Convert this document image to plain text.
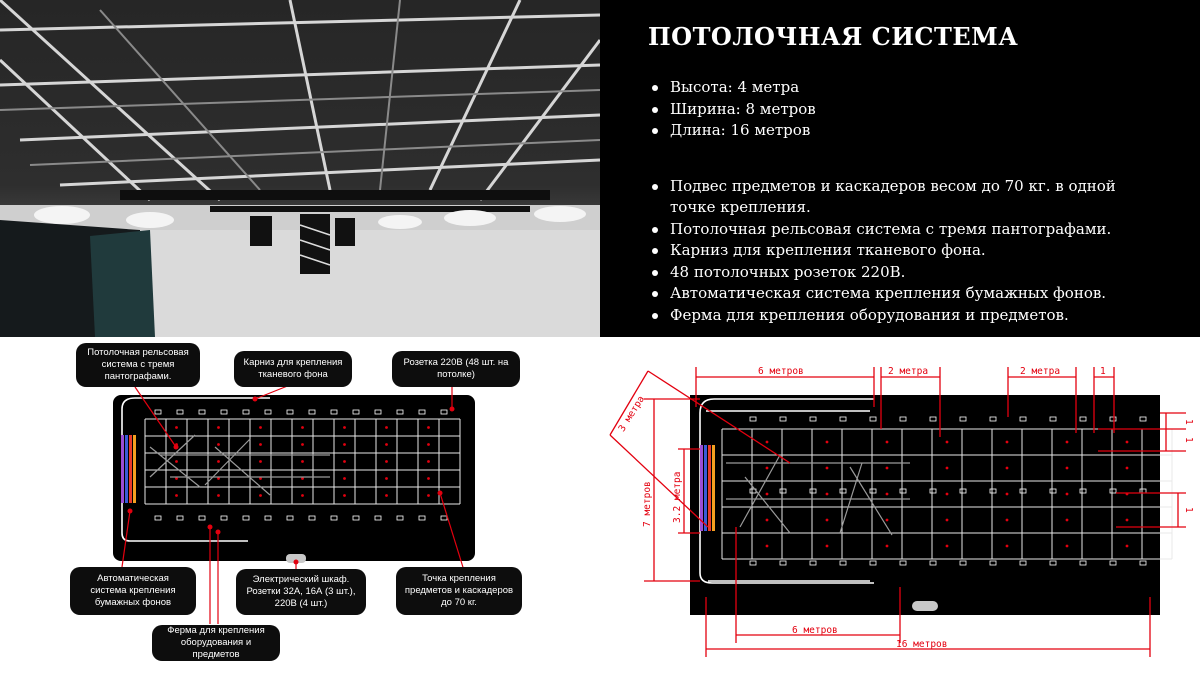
ПОТОЛОЧНАЯ СИСТЕМА
Высота: 4 метра
Ширина: 8 метров
Длина: 16 метров
Подвес предметов и каскадеров весом до 70 кг. в одной точке крепления.
Потолочная рельсовая система с тремя пантографами.
Карниз для крепления тканевого фона.
48 потолочных розеток 220В.
Автоматическая система крепления бумажных фонов.
Ферма для крепления оборудования и предметов.
Потолочная рельсовая система с тремя пантографами.
Карниз для крепления тканевого фона
Розетка 220В (48 шт. на потолке)
Автоматическая система крепления бумажных фонов
Электрический шкаф. Розетки 32А, 16А (3 шт.), 220В (4 шт.)
Точка крепления предметов и каскадеров до 70 кг.
Ферма для крепления оборудования и предметов
6 метров	2 метра	2 метра	1
3 метра
7 метров 3.2 метра
1
1
1
6 метров
16 метров
